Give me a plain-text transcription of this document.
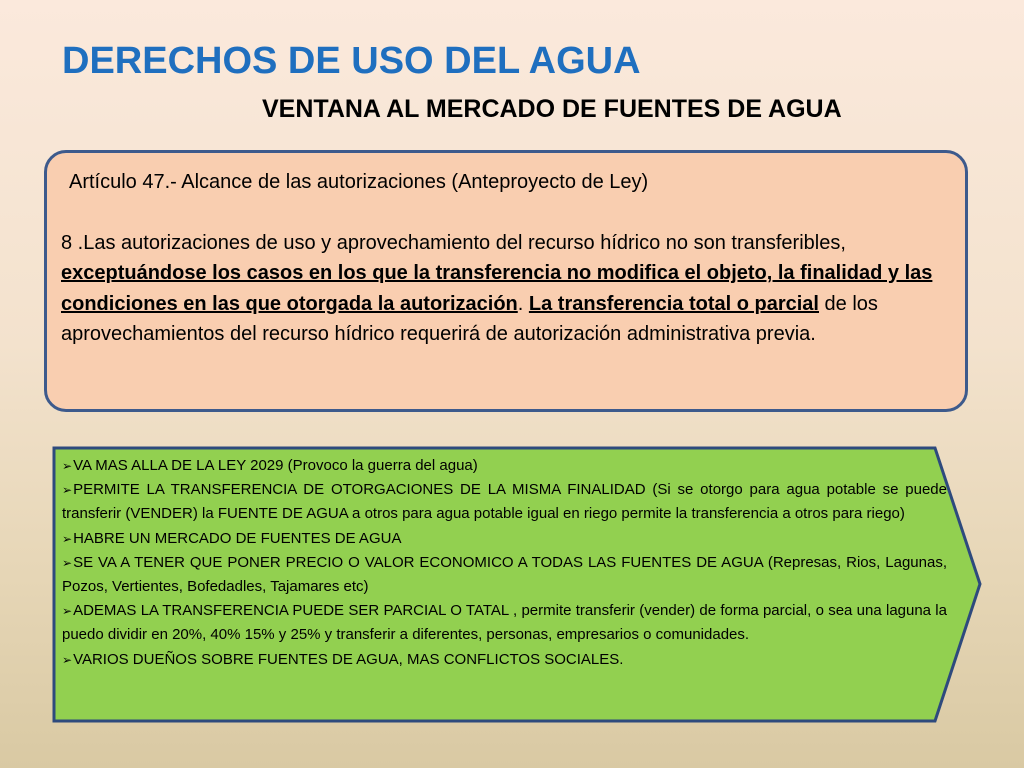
DERECHOS DE USO DEL AGUA
VENTANA AL MERCADO DE FUENTES DE AGUA

Artículo 47.- Alcance de las autorizaciones (Anteproyecto de Ley)

8 .Las autorizaciones de uso y aprovechamiento del recurso hídrico no son transferibles, exceptuándose los casos en los que la transferencia no modifica el objeto, la finalidad y las condiciones en las que otorgada la autorización. La transferencia total o parcial de los aprovechamientos del recurso hídrico requerirá de autorización administrativa previa.

➢VA MAS ALLA DE LA LEY 2029 (Provoco la guerra del agua)

➢PERMITE LA TRANSFERENCIA DE OTORGACIONES DE LA MISMA FINALIDAD (Si se otorgo para agua potable se puede transferir (VENDER) la FUENTE DE AGUA a otros para agua potable igual en riego permite la transferencia a otros para riego)

➢HABRE UN MERCADO DE FUENTES DE AGUA

➢SE VA A TENER QUE PONER PRECIO O VALOR ECONOMICO A TODAS LAS FUENTES DE AGUA (Represas, Rios, Lagunas, Pozos, Vertientes, Bofedadles, Tajamares etc)

➢ADEMAS LA TRANSFERENCIA PUEDE SER PARCIAL O TATAL , permite transferir (vender) de forma parcial, o sea una laguna la puedo dividir en 20%, 40% 15% y 25% y transferir a diferentes, personas, empresarios o comunidades.

➢VARIOS DUEÑOS SOBRE FUENTES DE AGUA, MAS CONFLICTOS SOCIALES.
